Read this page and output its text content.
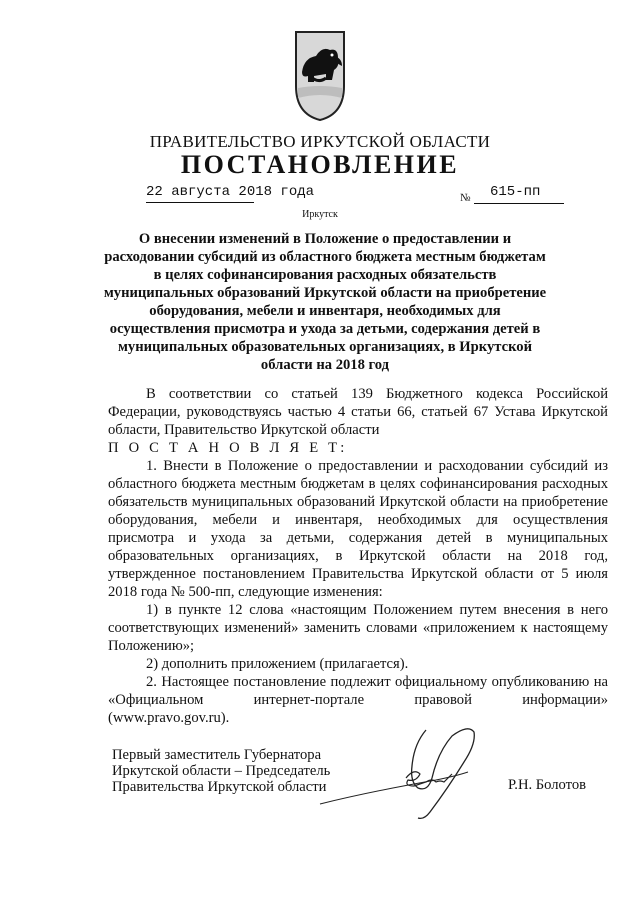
ПРАВИТЕЛЬСТВО ИРКУТСКОЙ ОБЛАСТИ
ПОСТАНОВЛЕНИЕ
22 августа 2018 года	№ 615-пп
Иркутск
О внесении изменений в Положение о предоставлении и расходовании субсидий из областного бюджета местным бюджетам в целях софинансирования расходных обязательств муниципальных образований Иркутской области на приобретение оборудования, мебели и инвентаря, необходимых для осуществления присмотра и ухода за детьми, содержания детей в муниципальных образовательных организациях, в Иркутской области на 2018 год

В соответствии со статьей 139 Бюджетного кодекса Российской Федерации, руководствуясь частью 4 статьи 66, статьей 67 Устава Иркутской области, Правительство Иркутской области

П О С Т А Н О В Л Я Е Т:

1. Внести в Положение о предоставлении и расходовании субсидий из областного бюджета местным бюджетам в целях софинансирования расходных обязательств муниципальных образований Иркутской области на приобретение оборудования, мебели и инвентаря, необходимых для осуществления присмотра и ухода за детьми, содержания детей в муниципальных образовательных организациях, в Иркутской области на 2018 год, утвержденное постановлением Правительства Иркутской области от 5 июля 2018 года № 500-пп, следующие изменения:

1) в пункте 12 слова «настоящим Положением путем внесения в него соответствующих изменений» заменить словами «приложением к настоящему Положению»;

2) дополнить приложением (прилагается).

2. Настоящее постановление подлежит официальному опубликованию на «Официальном интернет-портале правовой информации»

(www.pravo.gov.ru).

Первый заместитель Губернатора
Иркутской области – Председатель
Правительства Иркутской области	Р.Н. Болотов
